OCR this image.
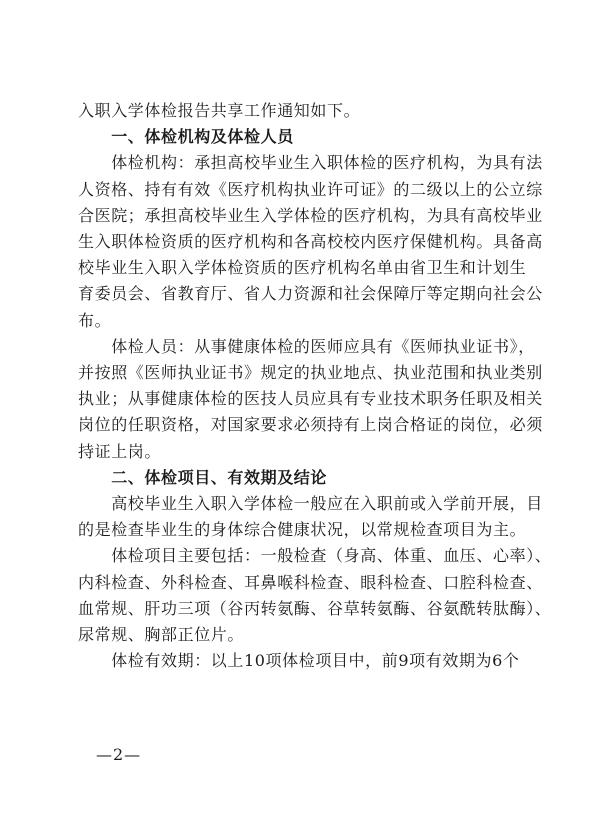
入职入学体检报告共享工作通知如下。
　　一、体检机构及体检人员
　　体检机构：承担高校毕业生入职体检的医疗机构，为具有法
人资格、持有有效《医疗机构执业许可证》的二级以上的公立综
合医院；承担高校毕业生入学体检的医疗机构，为具有高校毕业
生入职体检资质的医疗机构和各高校校内医疗保健机构。具备高
校毕业生入职入学体检资质的医疗机构名单由省卫生和计划生
育委员会、省教育厅、省人力资源和社会保障厅等定期向社会公
布。
　　体检人员：从事健康体检的医师应具有《医师执业证书》，
并按照《医师执业证书》规定的执业地点、执业范围和执业类别
执业；从事健康体检的医技人员应具有专业技术职务任职及相关
岗位的任职资格，对国家要求必须持有上岗合格证的岗位，必须
持证上岗。
　　二、体检项目、有效期及结论
　　高校毕业生入职入学体检一般应在入职前或入学前开展，目
的是检查毕业生的身体综合健康状况，以常规检查项目为主。
　　体检项目主要包括：一般检查（身高、体重、血压、心率）、
内科检查、外科检查、耳鼻喉科检查、眼科检查、口腔科检查、
血常规、肝功三项（谷丙转氨酶、谷草转氨酶、谷氨酰转肽酶）、
尿常规、胸部正位片。
　　体检有效期：以上10项体检项目中，前9项有效期为6个
—2—
